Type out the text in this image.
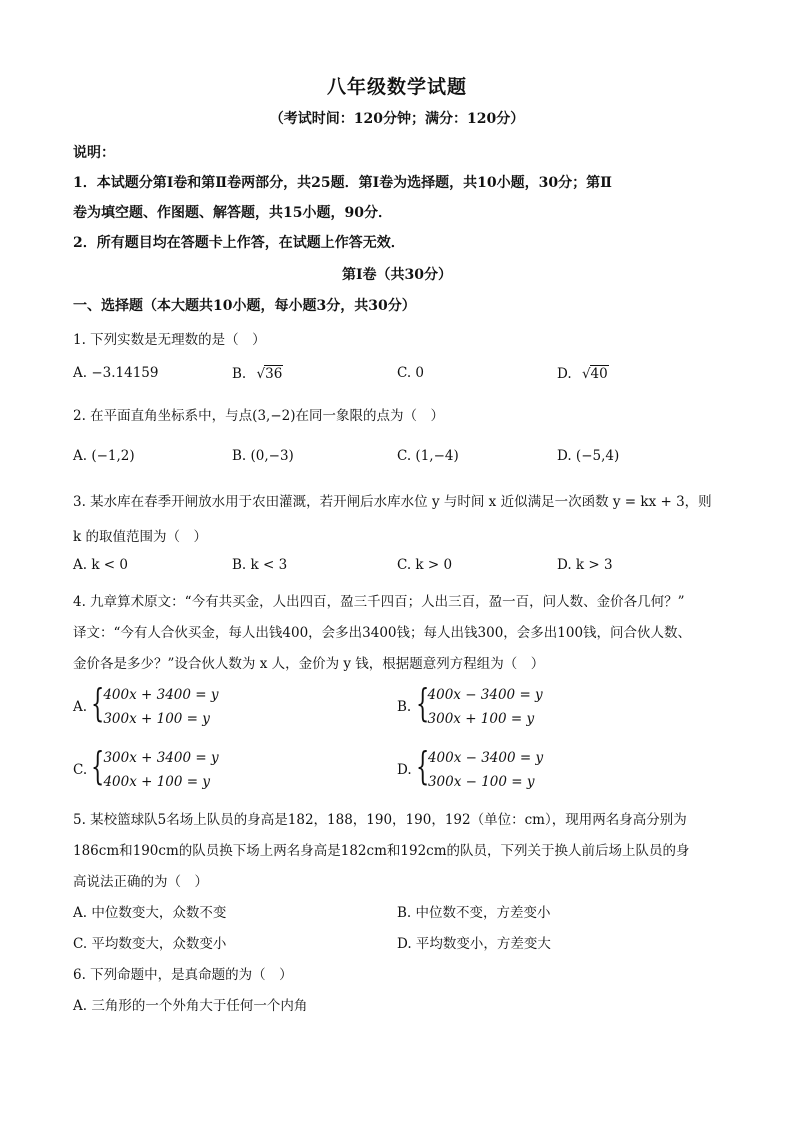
八年级数学试题
（考试时间：120分钟；满分：120分）
说明：
1．本试题分第Ⅰ卷和第Ⅱ卷两部分，共25题．第Ⅰ卷为选择题，共10小题，30分；第Ⅱ
卷为填空题、作图题、解答题，共15小题，90分．
2．所有题目均在答题卡上作答，在试题上作答无效．
第Ⅰ卷（共30分）
一、选择题（本大题共10小题，每小题3分，共30分）
1. 下列实数是无理数的是（　）
A. −3.14159	B. √36	C. 0	D. √40
2. 在平面直角坐标系中，与点(3,−2)在同一象限的点为（　）
A. (−1,2)	B. (0,−3)	C. (1,−4)	D. (−5,4)
3. 某水库在春季开闸放水用于农田灌溉，若开闸后水库水位 y 与时间 x 近似满足一次函数 y = kx + 3，则
k 的取值范围为（　）
A. k < 0	B. k < 3	C. k > 0	D. k > 3
4. 九章算术原文：“今有共买金，人出四百，盈三千四百；人出三百，盈一百，问人数、金价各几何？”
译文：“今有人合伙买金，每人出钱400，会多出3400钱；每人出钱300，会多出100钱，问合伙人数、
金价各是多少？”设合伙人数为 x 人，金价为 y 钱，根据题意列方程组为（　）
A. {
400x + 3400 = y
300x + 100 = y
B. {
400x − 3400 = y
300x + 100 = y
C. {
300x + 3400 = y
400x + 100 = y
D. {
400x − 3400 = y
300x − 100 = y
5. 某校篮球队5名场上队员的身高是182，188，190，190，192（单位：cm），现用两名身高分别为
186cm和190cm的队员换下场上两名身高是182cm和192cm的队员，下列关于换人前后场上队员的身
高说法正确的为（　）
A. 中位数变大，众数不变	B. 中位数不变，方差变小
C. 平均数变大，众数变小	D. 平均数变小，方差变大
6. 下列命题中，是真命题的为（　）
A. 三角形的一个外角大于任何一个内角
